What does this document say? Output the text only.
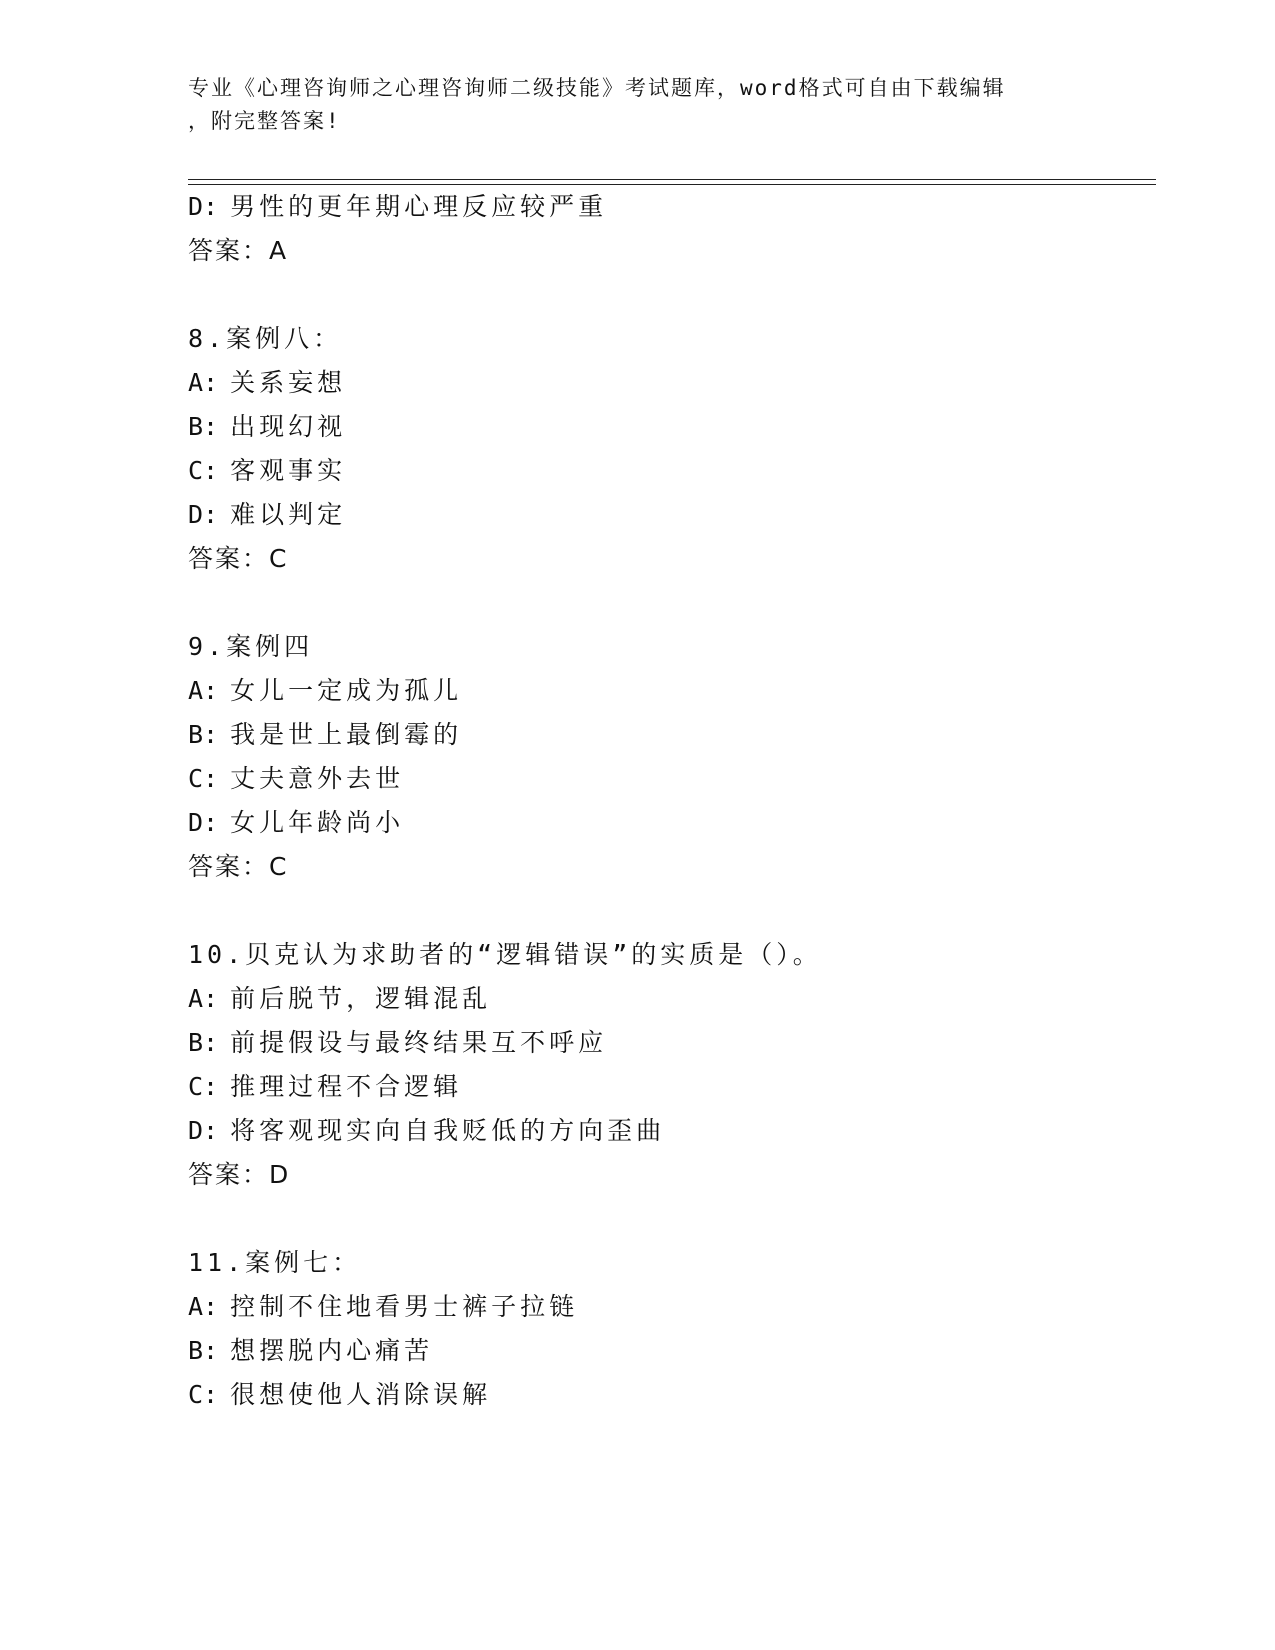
专业《心理咨询师之心理咨询师二级技能》考试题库，word格式可自由下载编辑
，附完整答案!
D: 男性的更年期心理反应较严重
答案：A
8.案例八：
A: 关系妄想
B: 出现幻视
C: 客观事实
D: 难以判定
答案：C
9.案例四
A: 女儿一定成为孤儿
B: 我是世上最倒霉的
C: 丈夫意外去世
D: 女儿年龄尚小
答案：C
10.贝克认为求助者的“逻辑错误”的实质是（）。
A: 前后脱节，逻辑混乱
B: 前提假设与最终结果互不呼应
C: 推理过程不合逻辑
D: 将客观现实向自我贬低的方向歪曲
答案：D
11.案例七：
A: 控制不住地看男士裤子拉链
B: 想摆脱内心痛苦
C: 很想使他人消除误解
